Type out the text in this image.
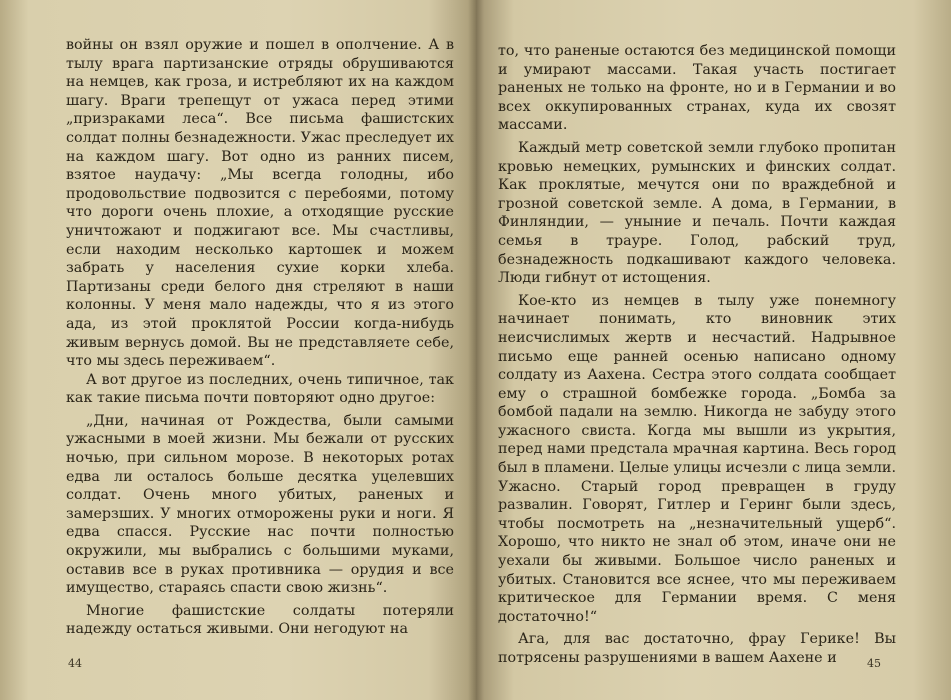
войны он взял оружие и пошел в ополчение. А в тылу врага партизанские отряды обрушиваются на немцев, как гроза, и истребляют их на каждом шагу. Враги трепещут от ужаса перед этими „призраками леса“. Все письма фашистских солдат полны безнадежности. Ужас преследует их на каждом шагу. Вот одно из ранних писем, взятое наудачу: „Мы всегда голодны, ибо продовольствие подвозится с перебоями, потому что дороги очень плохие, а отходящие русские уничтожают и поджигают все. Мы счастливы, если находим несколько картошек и можем забрать у населения сухие корки хлеба. Партизаны среди белого дня стреляют в наши колонны. У меня мало надежды, что я из этого ада, из этой проклятой России когда-нибудь живым вернусь домой. Вы не представляете себе, что мы здесь переживаем“.

А вот другое из последних, очень типичное, так как такие письма почти повторяют одно другое:

„Дни, начиная от Рождества, были самыми ужасными в моей жизни. Мы бежали от русских ночью, при сильном морозе. В некоторых ротах едва ли осталось больше десятка уцелевших солдат. Очень много убитых, раненых и замерзших. У многих отморожены руки и ноги. Я едва спасся. Русские нас почти полностью окружили, мы выбрались с большими муками, оставив все в руках противника — орудия и все имущество, стараясь спасти свою жизнь“.

Многие фашистские солдаты потеряли надежду остаться живыми. Они негодуют на

44

то, что раненые остаются без медицинской помощи и умирают массами. Такая участь постигает раненых не только на фронте, но и в Германии и во всех оккупированных странах, куда их свозят массами.

Каждый метр советской земли глубоко пропитан кровью немецких, румынских и финских солдат. Как проклятые, мечутся они по враждебной и грозной советской земле. А дома, в Германии, в Финляндии, — уныние и печаль. Почти каждая семья в трауре. Голод, рабский труд, безнадежность подкашивают каждого человека. Люди гибнут от истощения.

Кое-кто из немцев в тылу уже понемногу начинает понимать, кто виновник этих неисчислимых жертв и несчастий. Надрывное письмо еще ранней осенью написано одному солдату из Аахена. Сестра этого солдата сообщает ему о страшной бомбежке города. „Бомба за бомбой падали на землю. Никогда не забуду этого ужасного свиста. Когда мы вышли из укрытия, перед нами предстала мрачная картина. Весь город был в пламени. Целые улицы исчезли с лица земли. Ужасно. Старый город превращен в груду развалин. Говорят, Гитлер и Геринг были здесь, чтобы посмотреть на „незначительный ущерб“. Хорошо, что никто не знал об этом, иначе они не уехали бы живыми. Большое число раненых и убитых. Становится все яснее, что мы переживаем критическое для Германии время. С меня достаточно!“

Ага, для вас достаточно, фрау Герике! Вы потрясены разрушениями в вашем Аахене и	45
